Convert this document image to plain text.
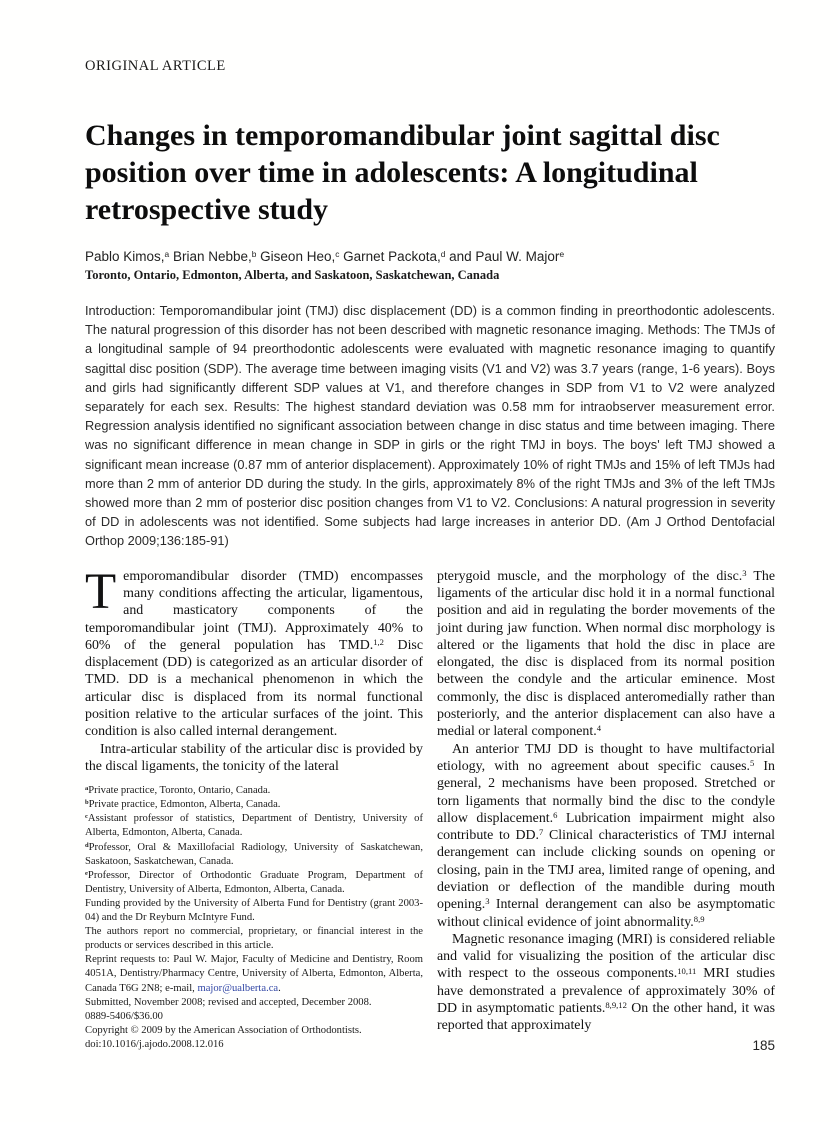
ORIGINAL ARTICLE
Changes in temporomandibular joint sagittal disc position over time in adolescents: A longitudinal retrospective study
Pablo Kimos,$^a$ Brian Nebbe,$^b$ Giseon Heo,$^c$ Garnet Packota,$^d$ and Paul W. Major$^e$
Toronto, Ontario, Edmonton, Alberta, and Saskatoon, Saskatchewan, Canada

Introduction: Temporomandibular joint (TMJ) disc displacement (DD) is a common finding in preorthodontic adolescents. The natural progression of this disorder has not been described with magnetic resonance imaging. Methods: The TMJs of a longitudinal sample of 94 preorthodontic adolescents were evaluated with magnetic resonance imaging to quantify sagittal disc position (SDP). The average time between imaging visits (V1 and V2) was 3.7 years (range, 1-6 years). Boys and girls had significantly different SDP values at V1, and therefore changes in SDP from V1 to V2 were analyzed separately for each sex. Results: The highest standard deviation was 0.58 mm for intraobserver measurement error. Regression analysis identified no significant association between change in disc status and time between imaging. There was no significant difference in mean change in SDP in girls or the right TMJ in boys. The boys' left TMJ showed a significant mean increase (0.87 mm of anterior displacement). Approximately 10% of right TMJs and 15% of left TMJs had more than 2 mm of anterior DD during the study. In the girls, approximately 8% of the right TMJs and 3% of the left TMJs showed more than 2 mm of posterior disc position changes from V1 to V2. Conclusions: A natural progression in severity of DD in adolescents was not identified. Some subjects had large increases in anterior DD. (Am J Orthod Dentofacial Orthop 2009;136:185-91)

Temporomandibular disorder (TMD) encompasses many conditions affecting the articular, ligamentous, and masticatory components of the temporomandibular joint (TMJ). Approximately 40% to 60% of the general population has TMD.$^{1,2}$ Disc displacement (DD) is categorized as an articular disorder of TMD. DD is a mechanical phenomenon in which the articular disc is displaced from its normal functional position relative to the articular surfaces of the joint. This condition is also called internal derangement.

Intra-articular stability of the articular disc is provided by the discal ligaments, the tonicity of the lateral

$^a$Private practice, Toronto, Ontario, Canada.

$^b$Private practice, Edmonton, Alberta, Canada.

$^c$Assistant professor of statistics, Department of Dentistry, University of Alberta, Edmonton, Alberta, Canada.

$^d$Professor, Oral & Maxillofacial Radiology, University of Saskatchewan, Saskatoon, Saskatchewan, Canada.

$^e$Professor, Director of Orthodontic Graduate Program, Department of Dentistry, University of Alberta, Edmonton, Alberta, Canada.

Funding provided by the University of Alberta Fund for Dentistry (grant 2003-04) and the Dr Reyburn McIntyre Fund.

The authors report no commercial, proprietary, or financial interest in the products or services described in this article.

Reprint requests to: Paul W. Major, Faculty of Medicine and Dentistry, Room 4051A, Dentistry/Pharmacy Centre, University of Alberta, Edmonton, Alberta, Canada T6G 2N8; e-mail, major@ualberta.ca.

Submitted, November 2008; revised and accepted, December 2008.

0889-5406/$36.00

Copyright © 2009 by the American Association of Orthodontists.

doi:10.1016/j.ajodo.2008.12.016

pterygoid muscle, and the morphology of the disc.$^3$ The ligaments of the articular disc hold it in a normal functional position and aid in regulating the border movements of the joint during jaw function. When normal disc morphology is altered or the ligaments that hold the disc in place are elongated, the disc is displaced from its normal position between the condyle and the articular eminence. Most commonly, the disc is displaced anteromedially rather than posteriorly, and the anterior displacement can also have a medial or lateral component.$^4$

An anterior TMJ DD is thought to have multifactorial etiology, with no agreement about specific causes.$^5$ In general, 2 mechanisms have been proposed. Stretched or torn ligaments that normally bind the disc to the condyle allow displacement.$^6$ Lubrication impairment might also contribute to DD.$^7$ Clinical characteristics of TMJ internal derangement can include clicking sounds on opening or closing, pain in the TMJ area, limited range of opening, and deviation or deflection of the mandible during mouth opening.$^3$ Internal derangement can also be asymptomatic without clinical evidence of joint abnormality.$^{8,9}$

Magnetic resonance imaging (MRI) is considered reliable and valid for visualizing the position of the articular disc with respect to the osseous components.$^{10,11}$ MRI studies have demonstrated a prevalence of approximately 30% of DD in asymptomatic patients.$^{8,9,12}$ On the other hand, it was reported that approximately

185
